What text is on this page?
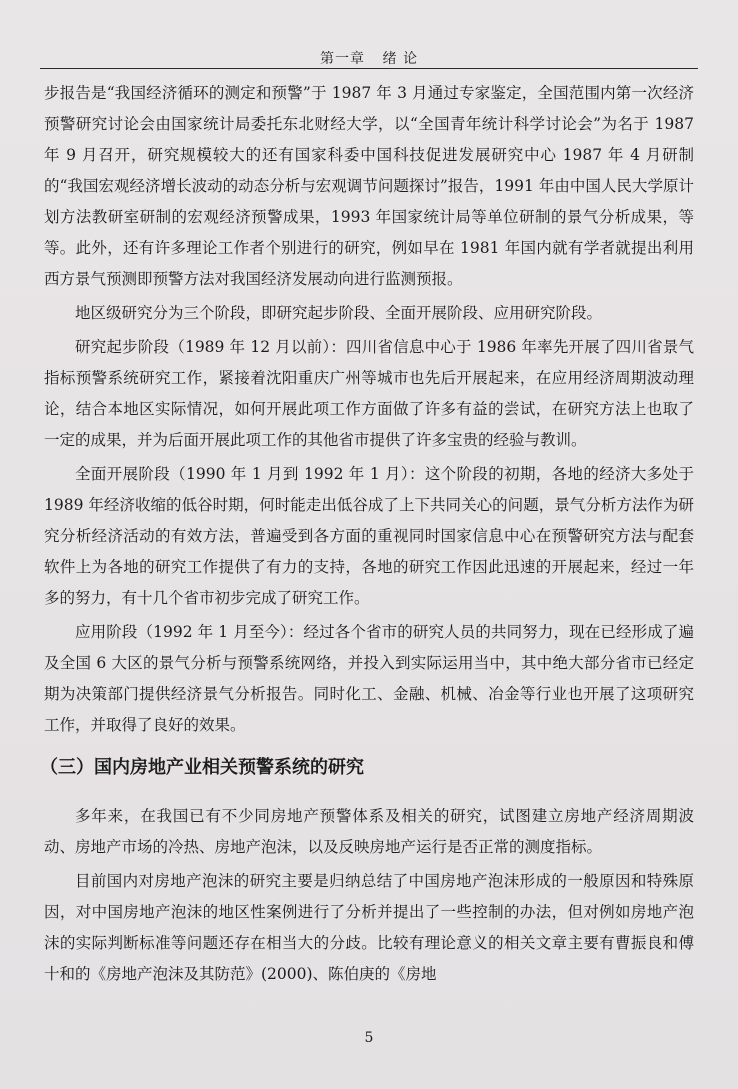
第一章 绪 论

步报告是“我国经济循环的测定和预警”于 1987 年 3 月通过专家鉴定，全国范围内第一次经济预警研究讨论会由国家统计局委托东北财经大学，以“全国青年统计科学讨论会”为名于 1987 年 9 月召开，研究规模较大的还有国家科委中国科技促进发展研究中心 1987 年 4 月研制的“我国宏观经济增长波动的动态分析与宏观调节问题探讨”报告，1991 年由中国人民大学原计划方法教研室研制的宏观经济预警成果，1993 年国家统计局等单位研制的景气分析成果，等等。此外，还有许多理论工作者个别进行的研究，例如早在 1981 年国内就有学者就提出利用西方景气预测即预警方法对我国经济发展动向进行监测预报。

地区级研究分为三个阶段，即研究起步阶段、全面开展阶段、应用研究阶段。

研究起步阶段（1989 年 12 月以前）：四川省信息中心于 1986 年率先开展了四川省景气指标预警系统研究工作，紧接着沈阳重庆广州等城市也先后开展起来，在应用经济周期波动理论，结合本地区实际情况，如何开展此项工作方面做了许多有益的尝试，在研究方法上也取了一定的成果，并为后面开展此项工作的其他省市提供了许多宝贵的经验与教训。

全面开展阶段（1990 年 1 月到 1992 年 1 月）：这个阶段的初期，各地的经济大多处于 1989 年经济收缩的低谷时期，何时能走出低谷成了上下共同关心的问题，景气分析方法作为研究分析经济活动的有效方法，普遍受到各方面的重视同时国家信息中心在预警研究方法与配套软件上为各地的研究工作提供了有力的支持，各地的研究工作因此迅速的开展起来，经过一年多的努力，有十几个省市初步完成了研究工作。

应用阶段（1992 年 1 月至今）：经过各个省市的研究人员的共同努力，现在已经形成了遍及全国 6 大区的景气分析与预警系统网络，并投入到实际运用当中，其中绝大部分省市已经定期为决策部门提供经济景气分析报告。同时化工、金融、机械、冶金等行业也开展了这项研究工作，并取得了良好的效果。

（三）国内房地产业相关预警系统的研究

多年来，在我国已有不少同房地产预警体系及相关的研究，试图建立房地产经济周期波动、房地产市场的冷热、房地产泡沫，以及反映房地产运行是否正常的测度指标。

目前国内对房地产泡沫的研究主要是归纳总结了中国房地产泡沫形成的一般原因和特殊原因，对中国房地产泡沫的地区性案例进行了分析并提出了一些控制的办法，但对例如房地产泡沫的实际判断标准等问题还存在相当大的分歧。比较有理论意义的相关文章主要有曹振良和傅十和的《房地产泡沫及其防范》(2000)、陈伯庚的《房地

5
